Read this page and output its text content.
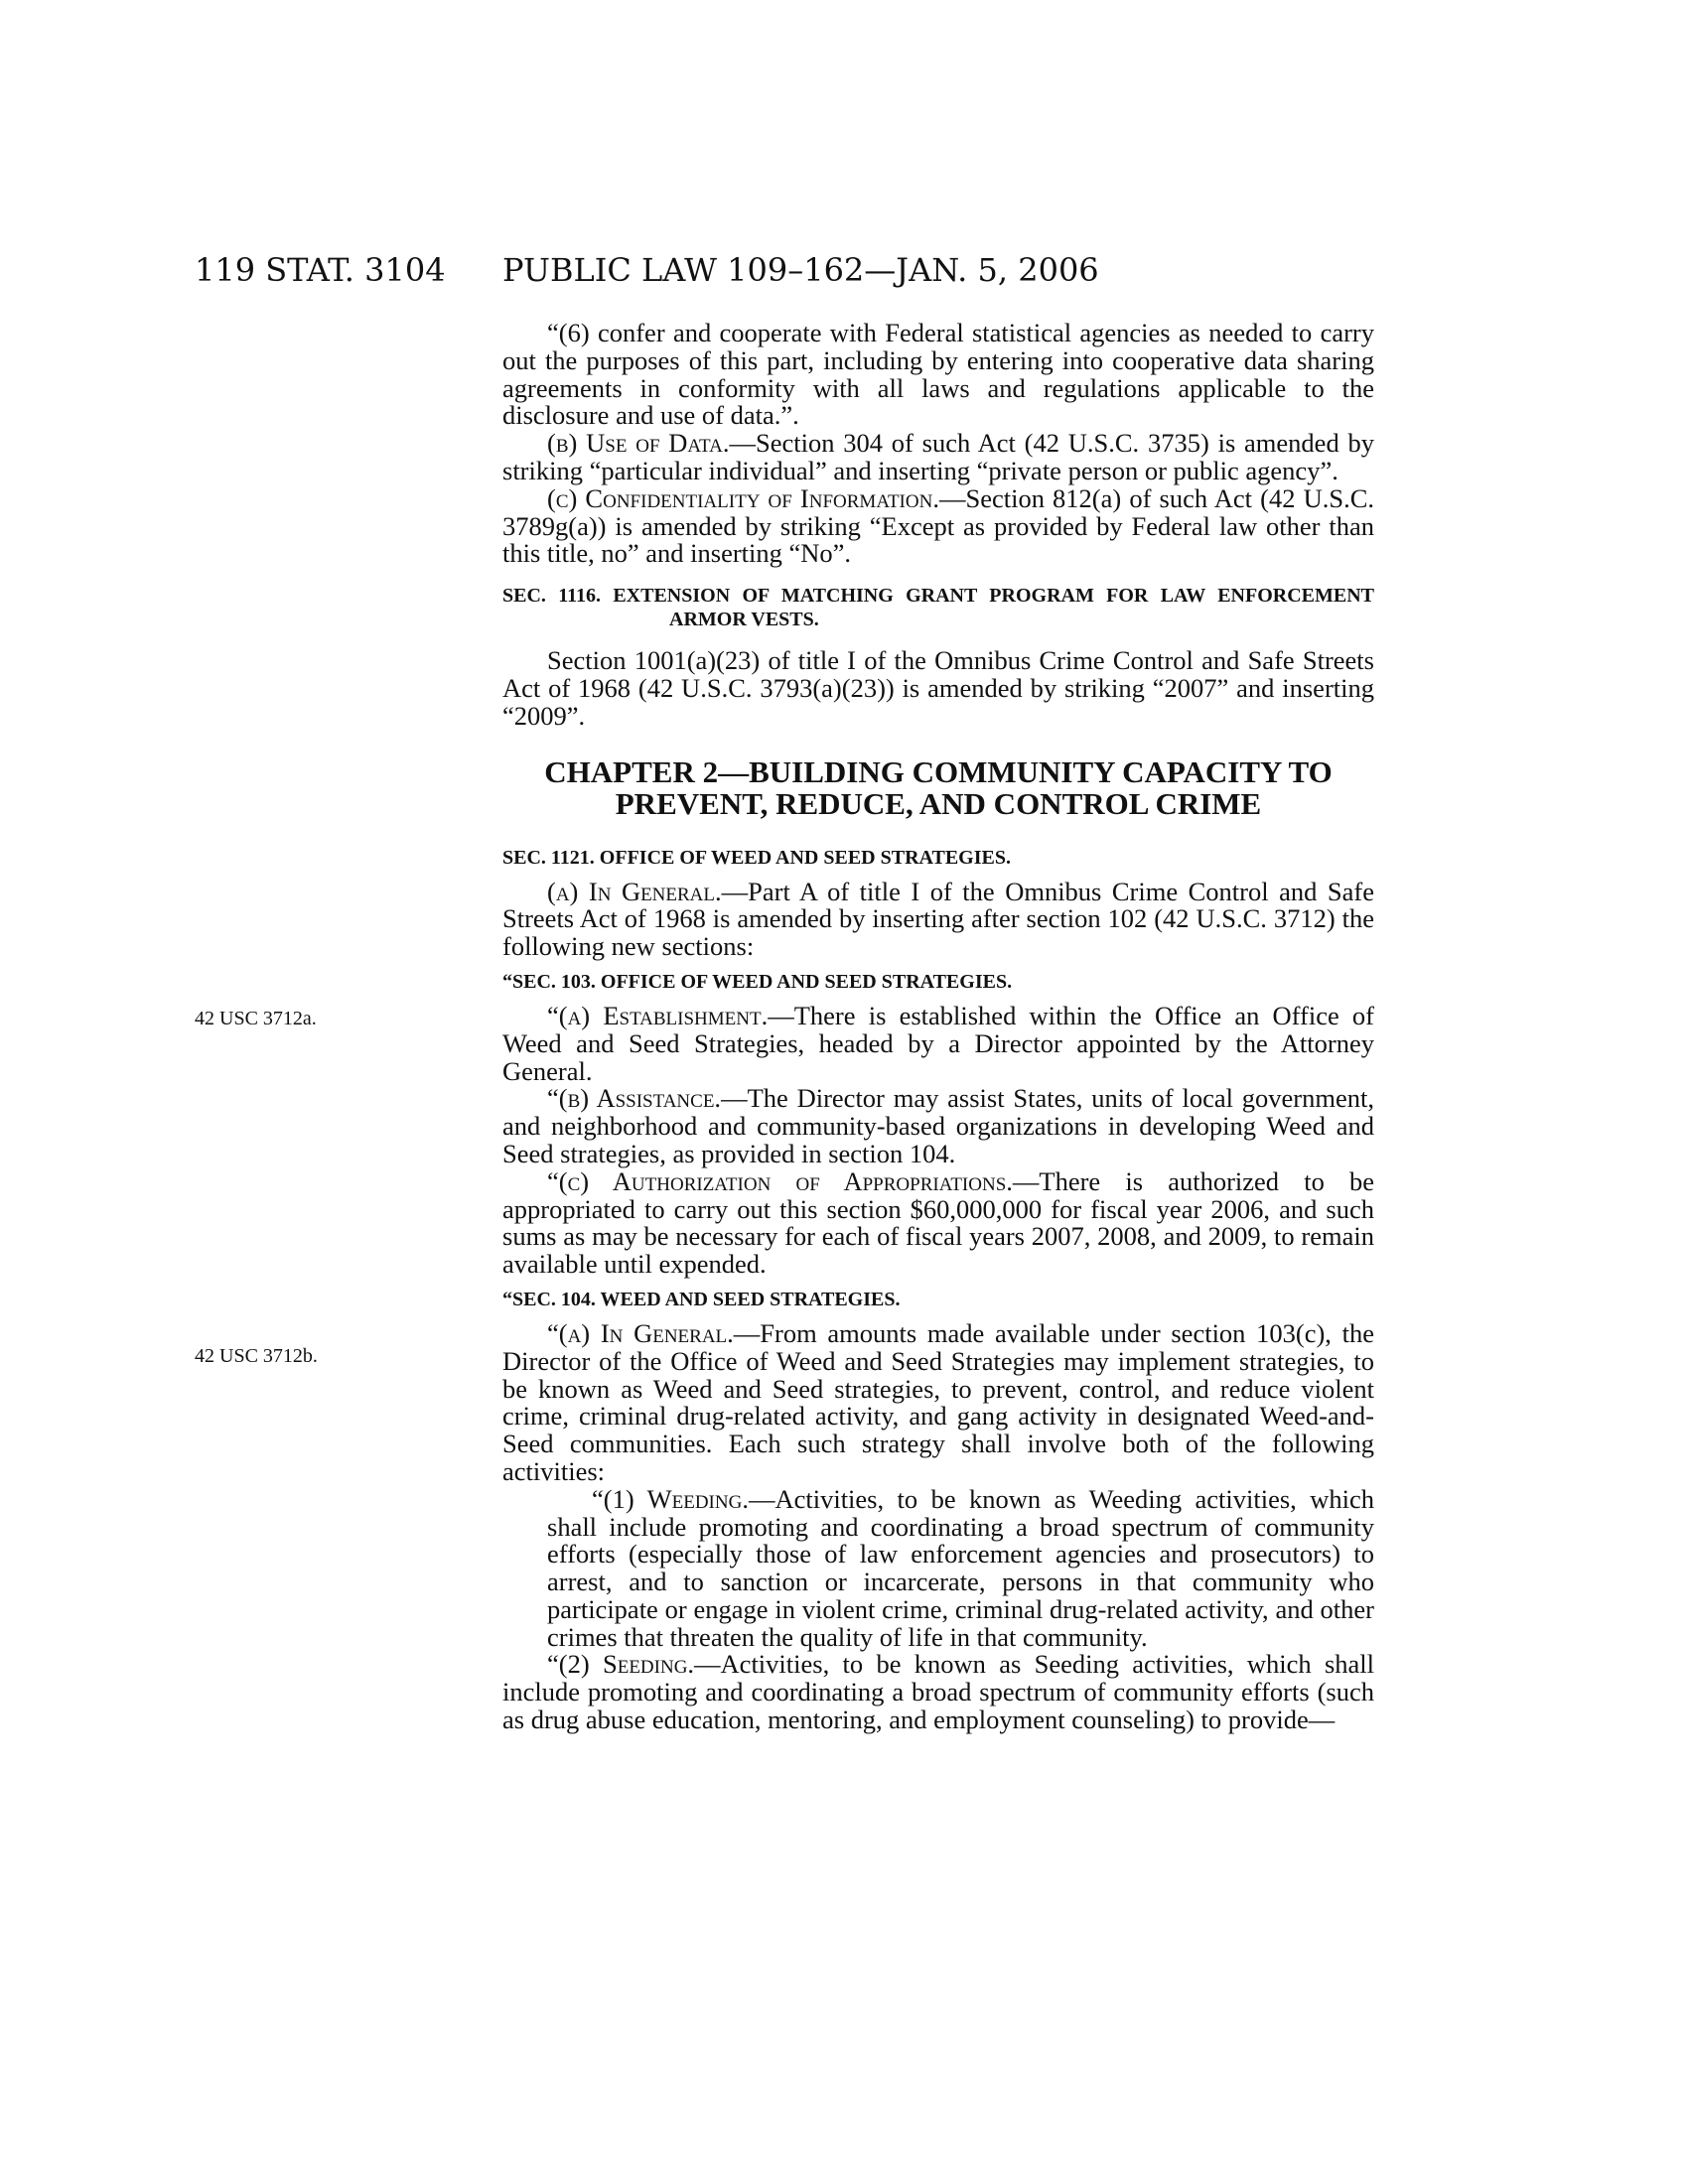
119 STAT. 3104 PUBLIC LAW 109–162—JAN. 5, 2006
42 USC 3712a.
42 USC 3712b.

“(6) confer and cooperate with Federal statistical agencies as needed to carry out the purposes of this part, including by entering into cooperative data sharing agreements in conformity with all laws and regulations applicable to the disclosure and use of data.”.

(b) Use of Data.—Section 304 of such Act (42 U.S.C. 3735) is amended by striking “particular individual” and inserting “private person or public agency”.

(c) Confidentiality of Information.—Section 812(a) of such Act (42 U.S.C. 3789g(a)) is amended by striking “Except as provided by Federal law other than this title, no” and inserting “No”.

SEC. 1116. EXTENSION OF MATCHING GRANT PROGRAM FOR LAW ENFORCEMENT ARMOR VESTS.

Section 1001(a)(23) of title I of the Omnibus Crime Control and Safe Streets Act of 1968 (42 U.S.C. 3793(a)(23)) is amended by striking “2007” and inserting “2009”.

CHAPTER 2—BUILDING COMMUNITY CAPACITY TO

PREVENT, REDUCE, AND CONTROL CRIME

SEC. 1121. OFFICE OF WEED AND SEED STRATEGIES.

(a) In General.—Part A of title I of the Omnibus Crime Control and Safe Streets Act of 1968 is amended by inserting after section 102 (42 U.S.C. 3712) the following new sections:

“SEC. 103. OFFICE OF WEED AND SEED STRATEGIES.

“(a) Establishment.—There is established within the Office an Office of Weed and Seed Strategies, headed by a Director appointed by the Attorney General.

“(b) Assistance.—The Director may assist States, units of local government, and neighborhood and community-based organizations in developing Weed and Seed strategies, as provided in section 104.

“(c) Authorization of Appropriations.—There is authorized to be appropriated to carry out this section $60,000,000 for fiscal year 2006, and such sums as may be necessary for each of fiscal years 2007, 2008, and 2009, to remain available until expended.

“SEC. 104. WEED AND SEED STRATEGIES.

“(a) In General.—From amounts made available under section 103(c), the Director of the Office of Weed and Seed Strategies may implement strategies, to be known as Weed and Seed strategies, to prevent, control, and reduce violent crime, criminal drug-related activity, and gang activity in designated Weed-and-Seed communities. Each such strategy shall involve both of the following activities:

“(1) Weeding.—Activities, to be known as Weeding activities, which shall include promoting and coordinating a broad spectrum of community efforts (especially those of law enforcement agencies and prosecutors) to arrest, and to sanction or incarcerate, persons in that community who participate or engage in violent crime, criminal drug-related activity, and other crimes that threaten the quality of life in that community.

“(2) Seeding.—Activities, to be known as Seeding activities, which shall include promoting and coordinating a broad spectrum of community efforts (such as drug abuse education, mentoring, and employment counseling) to provide—
